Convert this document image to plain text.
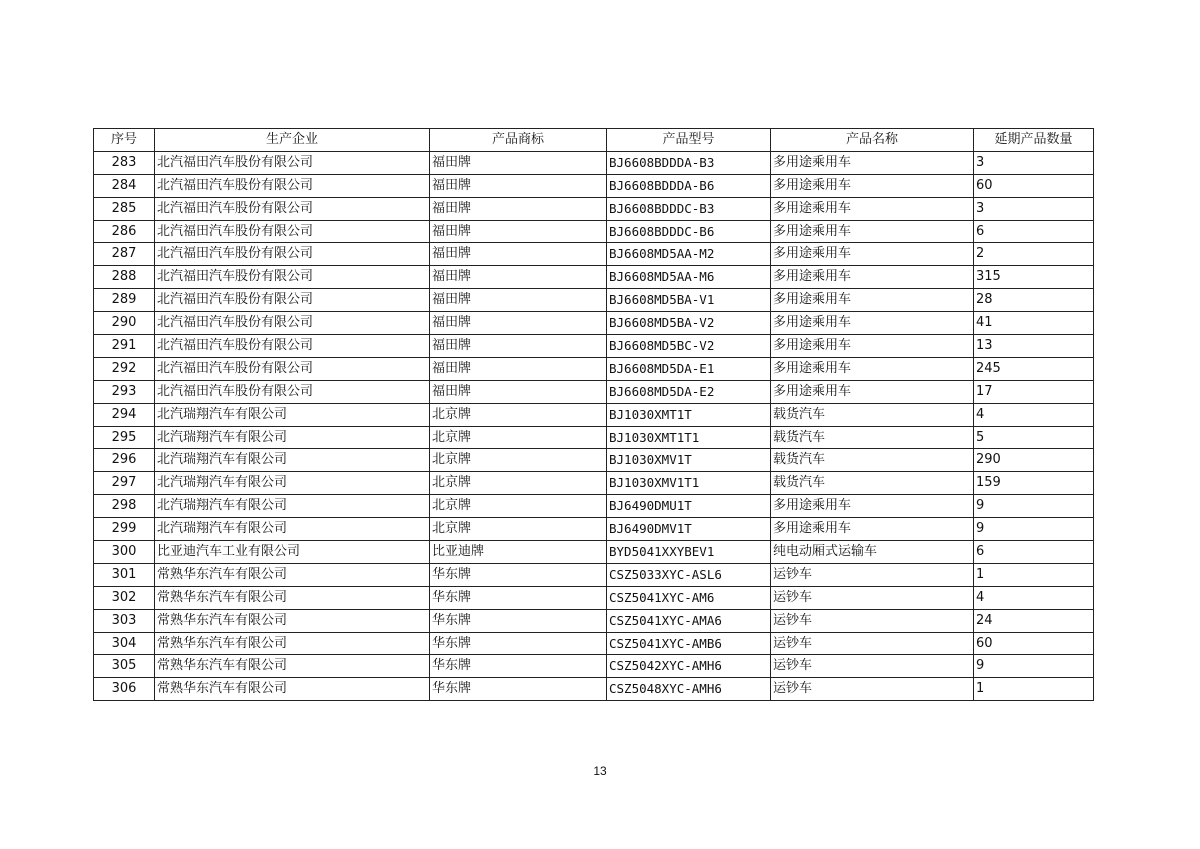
序号	生产企业	产品商标	产品型号	产品名称	延期产品数量
283	北汽福田汽车股份有限公司	福田牌	BJ6608BDDDA-B3	多用途乘用车	3
284	北汽福田汽车股份有限公司	福田牌	BJ6608BDDDA-B6	多用途乘用车	60
285	北汽福田汽车股份有限公司	福田牌	BJ6608BDDDC-B3	多用途乘用车	3
286	北汽福田汽车股份有限公司	福田牌	BJ6608BDDDC-B6	多用途乘用车	6
287	北汽福田汽车股份有限公司	福田牌	BJ6608MD5AA-M2	多用途乘用车	2
288	北汽福田汽车股份有限公司	福田牌	BJ6608MD5AA-M6	多用途乘用车	315
289	北汽福田汽车股份有限公司	福田牌	BJ6608MD5BA-V1	多用途乘用车	28
290	北汽福田汽车股份有限公司	福田牌	BJ6608MD5BA-V2	多用途乘用车	41
291	北汽福田汽车股份有限公司	福田牌	BJ6608MD5BC-V2	多用途乘用车	13
292	北汽福田汽车股份有限公司	福田牌	BJ6608MD5DA-E1	多用途乘用车	245
293	北汽福田汽车股份有限公司	福田牌	BJ6608MD5DA-E2	多用途乘用车	17
294	北汽瑞翔汽车有限公司	北京牌	BJ1030XMT1T	载货汽车	4
295	北汽瑞翔汽车有限公司	北京牌	BJ1030XMT1T1	载货汽车	5
296	北汽瑞翔汽车有限公司	北京牌	BJ1030XMV1T	载货汽车	290
297	北汽瑞翔汽车有限公司	北京牌	BJ1030XMV1T1	载货汽车	159
298	北汽瑞翔汽车有限公司	北京牌	BJ6490DMU1T	多用途乘用车	9
299	北汽瑞翔汽车有限公司	北京牌	BJ6490DMV1T	多用途乘用车	9
300	比亚迪汽车工业有限公司	比亚迪牌	BYD5041XXYBEV1	纯电动厢式运输车	6
301	常熟华东汽车有限公司	华东牌	CSZ5033XYC-ASL6	运钞车	1
302	常熟华东汽车有限公司	华东牌	CSZ5041XYC-AM6	运钞车	4
303	常熟华东汽车有限公司	华东牌	CSZ5041XYC-AMA6	运钞车	24
304	常熟华东汽车有限公司	华东牌	CSZ5041XYC-AMB6	运钞车	60
305	常熟华东汽车有限公司	华东牌	CSZ5042XYC-AMH6	运钞车	9
306	常熟华东汽车有限公司	华东牌	CSZ5048XYC-AMH6	运钞车	1
13
